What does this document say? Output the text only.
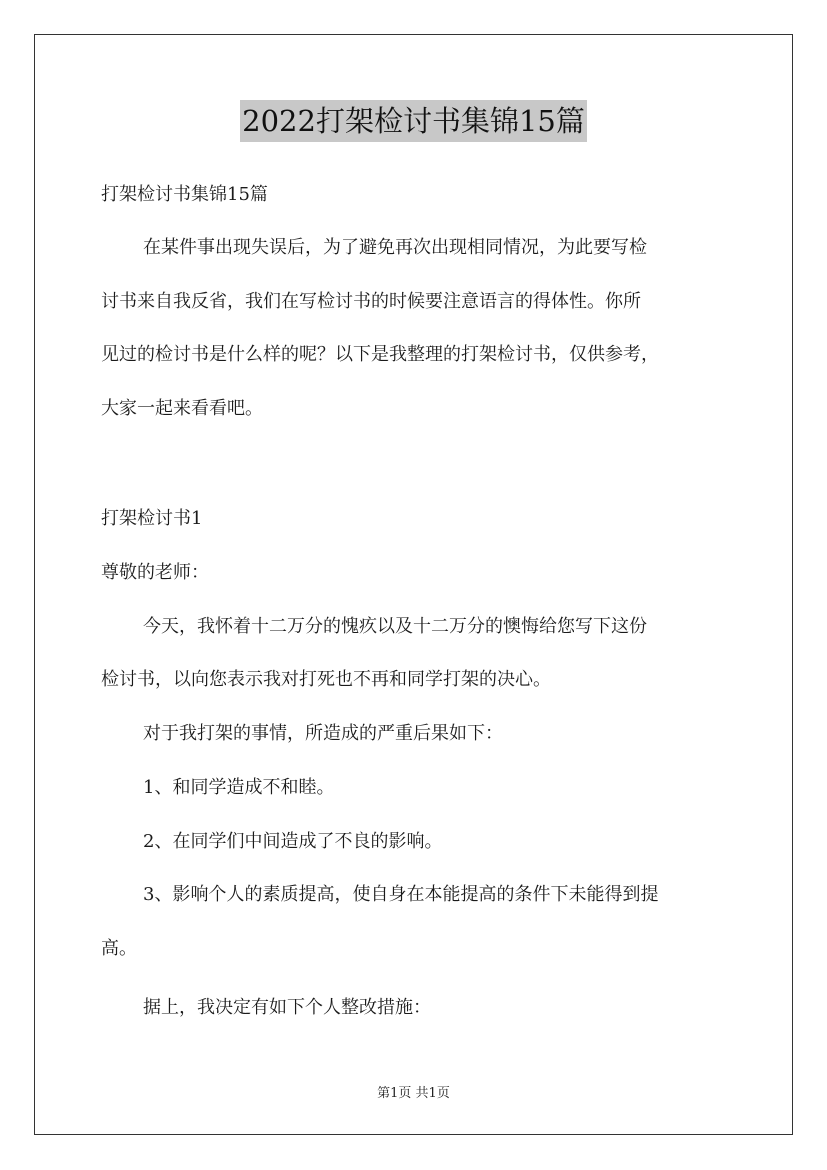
2022打架检讨书集锦15篇
打架检讨书集锦15篇
在某件事出现失误后，为了避免再次出现相同情况，为此要写检
讨书来自我反省，我们在写检讨书的时候要注意语言的得体性。你所
见过的检讨书是什么样的呢？以下是我整理的打架检讨书，仅供参考，
大家一起来看看吧。
打架检讨书1
尊敬的老师：
今天，我怀着十二万分的愧疚以及十二万分的懊悔给您写下这份
检讨书，以向您表示我对打死也不再和同学打架的决心。
对于我打架的事情，所造成的严重后果如下：
1、和同学造成不和睦。
2、在同学们中间造成了不良的影响。
3、影响个人的素质提高，使自身在本能提高的条件下未能得到提
高。
据上，我决定有如下个人整改措施：
第1页 共1页
